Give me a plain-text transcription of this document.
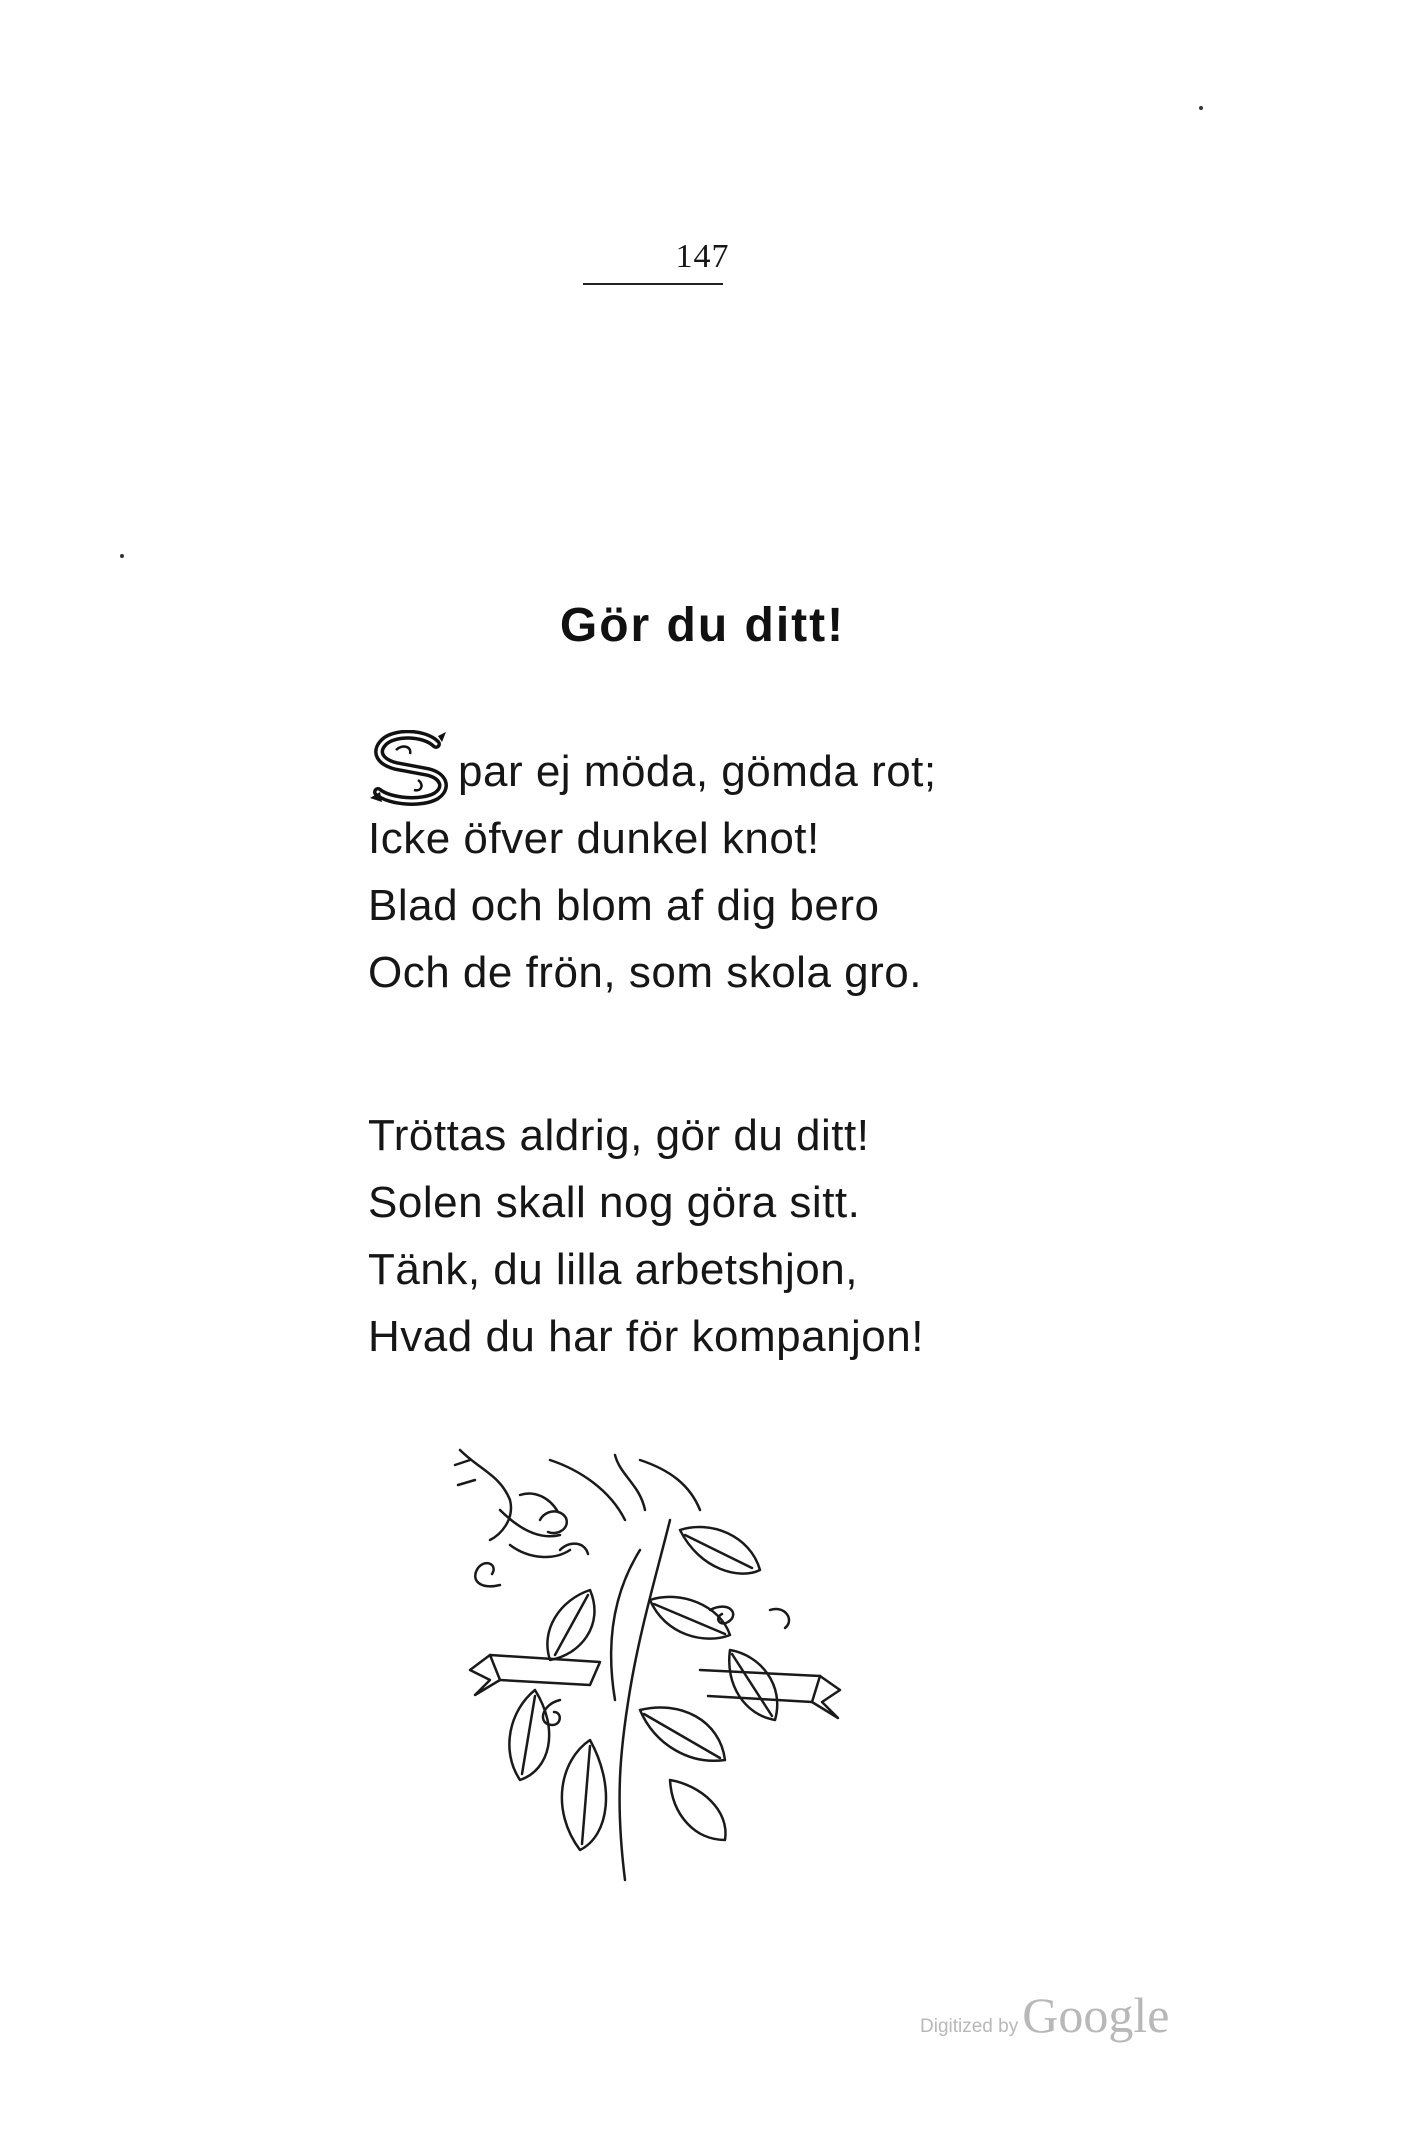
147
Gör du ditt!
par ej möda, gömda rot;
Icke öfver dunkel knot!
Blad och blom af dig bero
Och de frön, som skola gro.
Tröttas aldrig, gör du ditt!
Solen skall nog göra sitt.
Tänk, du lilla arbetshjon,
Hvad du har för kompanjon!
Digitized byGoogle
